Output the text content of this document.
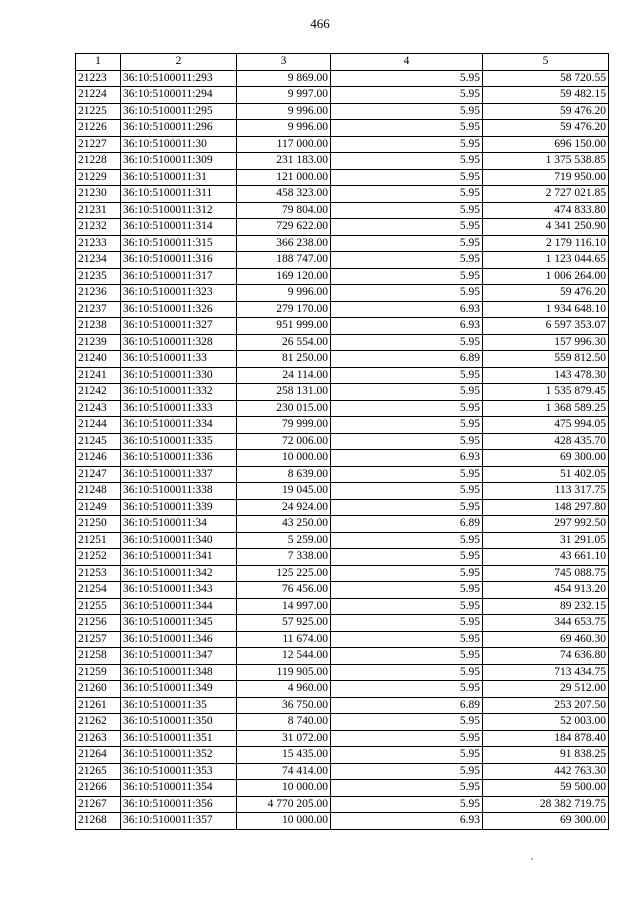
466
1	2	3	4	5
21223	36:10:5100011:293	9 869.00	5.95	58 720.55
21224	36:10:5100011:294	9 997.00	5.95	59 482.15
21225	36:10:5100011:295	9 996.00	5.95	59 476.20
21226	36:10:5100011:296	9 996.00	5.95	59 476.20
21227	36:10:5100011:30	117 000.00	5.95	696 150.00
21228	36:10:5100011:309	231 183.00	5.95	1 375 538.85
21229	36:10:5100011:31	121 000.00	5.95	719 950.00
21230	36:10:5100011:311	458 323.00	5.95	2 727 021.85
21231	36:10:5100011:312	79 804.00	5.95	474 833.80
21232	36:10:5100011:314	729 622.00	5.95	4 341 250.90
21233	36:10:5100011:315	366 238.00	5.95	2 179 116.10
21234	36:10:5100011:316	188 747.00	5.95	1 123 044.65
21235	36:10:5100011:317	169 120.00	5.95	1 006 264.00
21236	36:10:5100011:323	9 996.00	5.95	59 476.20
21237	36:10:5100011:326	279 170.00	6.93	1 934 648.10
21238	36:10:5100011:327	951 999.00	6.93	6 597 353.07
21239	36:10:5100011:328	26 554.00	5.95	157 996.30
21240	36:10:5100011:33	81 250.00	6.89	559 812.50
21241	36:10:5100011:330	24 114.00	5.95	143 478.30
21242	36:10:5100011:332	258 131.00	5.95	1 535 879.45
21243	36:10:5100011:333	230 015.00	5.95	1 368 589.25
21244	36:10:5100011:334	79 999.00	5.95	475 994.05
21245	36:10:5100011:335	72 006.00	5.95	428 435.70
21246	36:10:5100011:336	10 000.00	6.93	69 300.00
21247	36:10:5100011:337	8 639.00	5.95	51 402.05
21248	36:10:5100011:338	19 045.00	5.95	113 317.75
21249	36:10:5100011:339	24 924.00	5.95	148 297.80
21250	36:10:5100011:34	43 250.00	6.89	297 992.50
21251	36:10:5100011:340	5 259.00	5.95	31 291.05
21252	36:10:5100011:341	7 338.00	5.95	43 661.10
21253	36:10:5100011:342	125 225.00	5.95	745 088.75
21254	36:10:5100011:343	76 456.00	5.95	454 913.20
21255	36:10:5100011:344	14 997.00	5.95	89 232.15
21256	36:10:5100011:345	57 925.00	5.95	344 653.75
21257	36:10:5100011:346	11 674.00	5.95	69 460.30
21258	36:10:5100011:347	12 544.00	5.95	74 636.80
21259	36:10:5100011:348	119 905.00	5.95	713 434.75
21260	36:10:5100011:349	4 960.00	5.95	29 512.00
21261	36:10:5100011:35	36 750.00	6.89	253 207.50
21262	36:10:5100011:350	8 740.00	5.95	52 003.00
21263	36:10:5100011:351	31 072.00	5.95	184 878.40
21264	36:10:5100011:352	15 435.00	5.95	91 838.25
21265	36:10:5100011:353	74 414.00	5.95	442 763.30
21266	36:10:5100011:354	10 000.00	5.95	59 500.00
21267	36:10:5100011:356	4 770 205.00	5.95	28 382 719.75
21268	36:10:5100011:357	10 000.00	6.93	69 300.00
